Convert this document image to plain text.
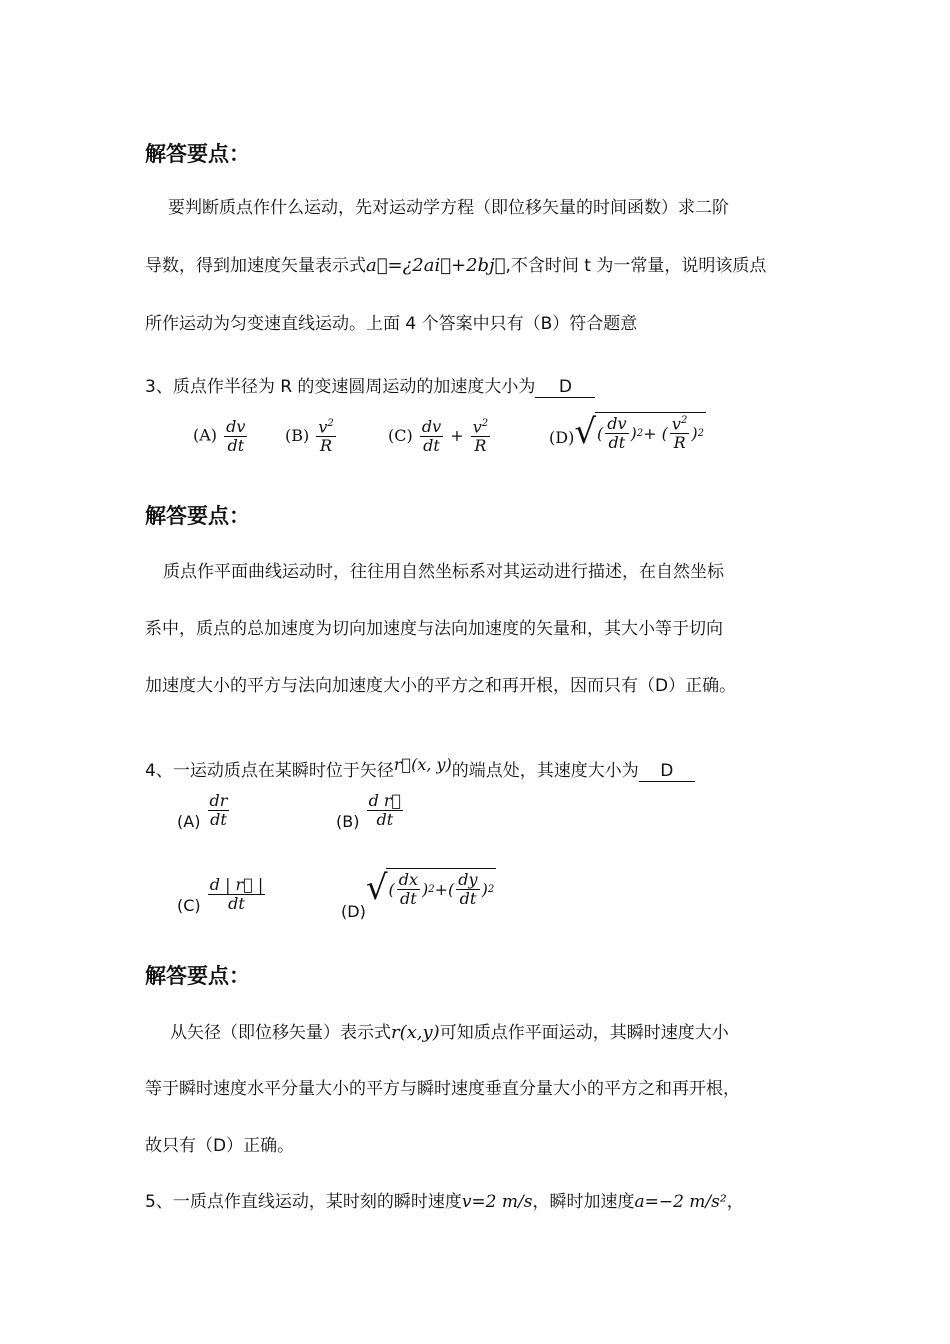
解答要点：
要判断质点作什么运动，先对运动学方程（即位移矢量的时间函数）求二阶
导数，得到加速度矢量表示式a⃗=¿2ai⃗+2bj⃗,不含时间 t 为一常量，说明该质点
所作运动为匀变速直线运动。上面 4 个答案中只有（B）符合题意
3、质点作半径为 R 的变速圆周运动的加速度大小为 D
$(A) \frac{dv}{dt} (B) \frac{v^2}{R}$	$(C) \frac{dv}{dt} + \frac{v^2}{R}$	(D) √ ( $\frac{dv}{dt}$ ) 2 + ( $\frac{v^2}{R}$ ) 2
解答要点：
质点作平面曲线运动时，往往用自然坐标系对其运动进行描述，在自然坐标
系中，质点的总加速度为切向加速度与法向加速度的矢量和，其大小等于切向
加速度大小的平方与法向加速度大小的平方之和再开根，因而只有（D）正确。
4、一运动质点在某瞬时位于矢径r⃗(x, y)的端点处，其速度大小为 D
$(A) \frac{dr}{dt}$	$(B) \frac{\text{d r⃗}}{dt}$
$(C) \frac{d | r⃗ |}{dt}$	(D)
√ ( $\frac{dx}{dt}$ ) 2 +( $\frac{dy}{dt}$ ) 2
解答要点：
从矢径（即位移矢量）表示式r(x,y)可知质点作平面运动，其瞬时速度大小
等于瞬时速度水平分量大小的平方与瞬时速度垂直分量大小的平方之和再开根，
故只有（D）正确。
5、一质点作直线运动，某时刻的瞬时速度v=2 m/s，瞬时加速度a=−2 m/s²，
